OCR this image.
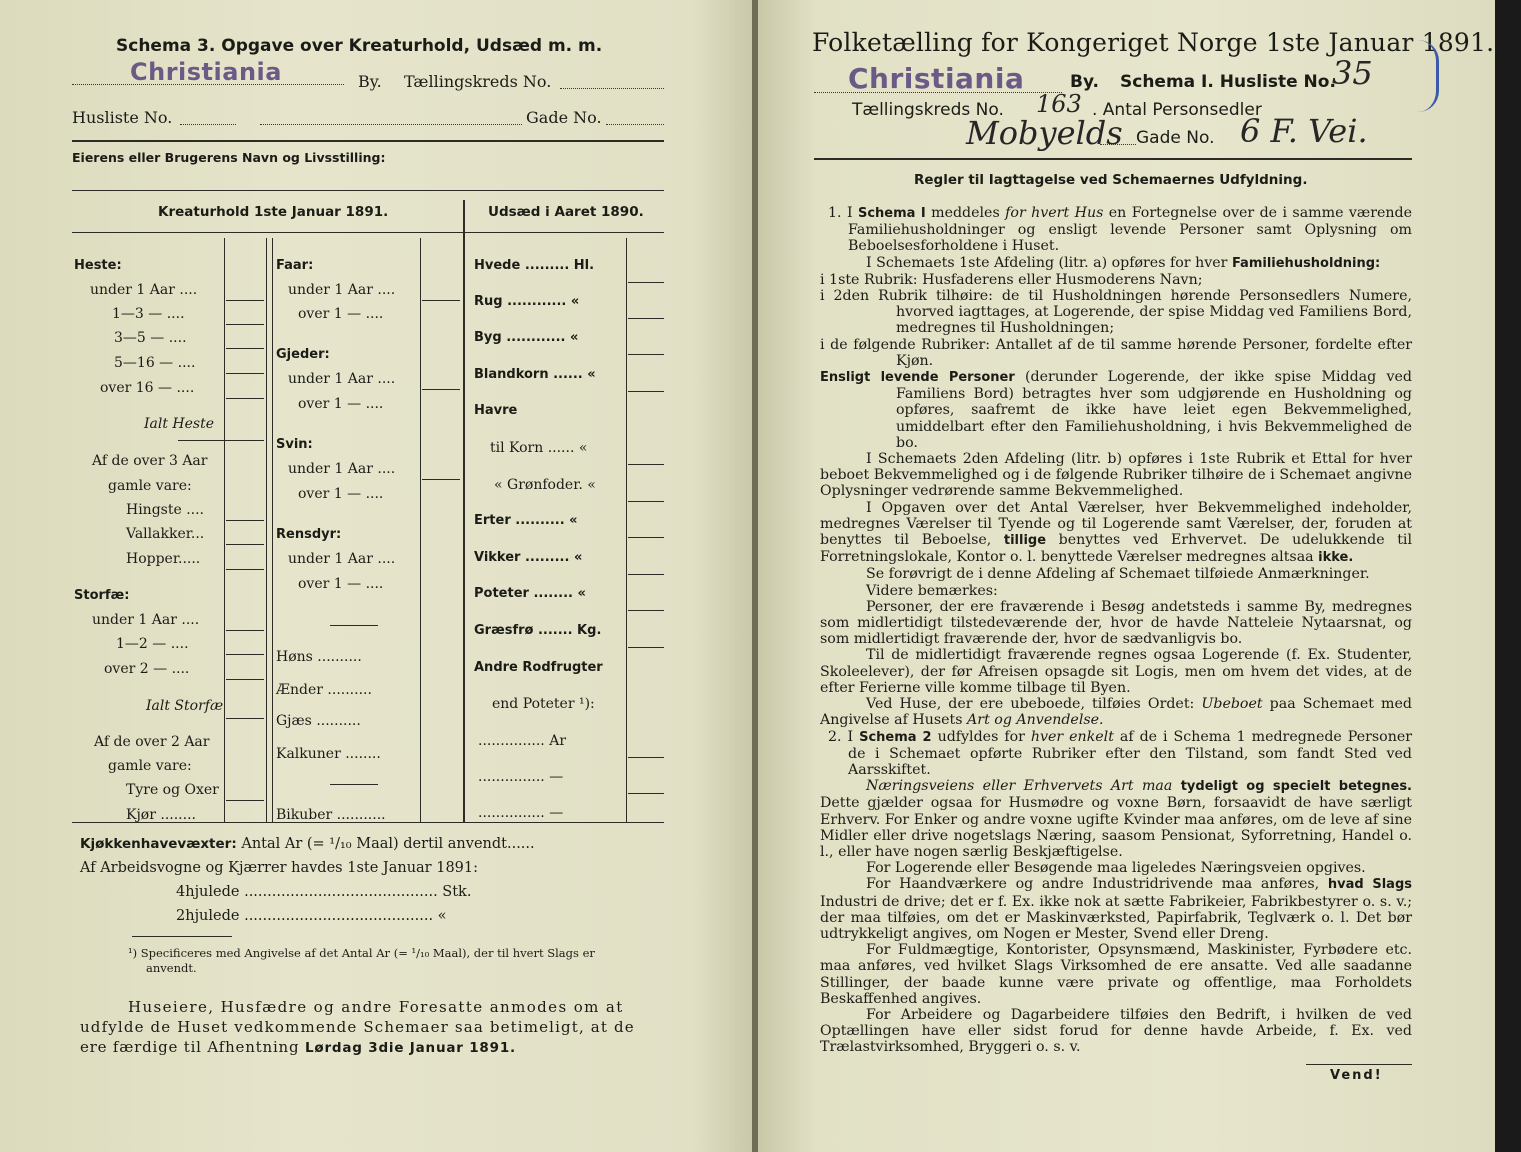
Schema 3. Opgave over Kreaturhold, Udsæd m. m.
Christiania	By. Tællingskreds No.
Husliste No.	Gade No.
Eierens eller Brugerens Navn og Livsstilling:
Kreaturhold 1ste Januar 1891.	Udsæd i Aaret 1890.
Heste:
under 1 Aar ....
1—3 — ....
3—5 — ....
5—16 — ....
over 16 — ....
Ialt Heste
Af de over 3 Aar
gamle vare:
Hingste ....
Vallakker...
Hopper.....
Storfæ:
under 1 Aar ....
1—2 — ....
over 2 — ....
Ialt Storfæ
Af de over 2 Aar
gamle vare:
Tyre og Oxer
Kjør ........
Faar:
under 1 Aar ....
over 1 — ....
Gjeder:
under 1 Aar ....
over 1 — ....
Svin:
under 1 Aar ....
over 1 — ....
Rensdyr:
under 1 Aar ....
over 1 — ....
Høns ..........
Ænder ..........
Gjæs ..........
Kalkuner ........
Bikuber ...........
Hvede ......... Hl.
Rug ............ «
Byg ............ «
Blandkorn ...... «
Havre
til Korn ...... «
« Grønfoder. «
Erter .......... «
Vikker ......... «
Poteter ........ «
Græsfrø ....... Kg.
Andre Rodfrugter
end Poteter ¹):
............... Ar
............... —
............... —
Kjøkkenhavevæxter: Antal Ar (= ¹/₁₀ Maal) dertil anvendt......
Af Arbeidsvogne og Kjærrer havdes 1ste Januar 1891:
4hjulede .......................................... Stk.
2hjulede ......................................... «
¹) Specificeres med Angivelse af det Antal Ar (= ¹/₁₀ Maal), der til hvert Slags er
anvendt.
Huseiere, Husfædre og andre Foresatte anmodes om at
udfylde de Huset vedkommende Schemaer saa betimeligt, at de
ere færdige til Afhentning Lørdag 3die Januar 1891.
Folketælling for Kongeriget Norge 1ste Januar 1891.
Christiania	By. Schema I. Husliste No.
35
Tællingskreds No. 163 . Antal Personsedler
Mobyelds Gade No. 6 F. Vei.
Regler til Iagttagelse ved Schemaernes Udfyldning.

1. I Schema I meddeles for hvert Hus en Fortegnelse over de i samme værende Familiehusholdninger og ensligt levende Personer samt Oplysning om Beboelsesforholdene i Huset.

I Schemaets 1ste Afdeling (litr. a) opføres for hver Familiehusholdning:

i 1ste Rubrik: Husfaderens eller Husmoderens Navn;

i 2den Rubrik tilhøire: de til Husholdningen hørende Personsedlers Numere, hvorved iagttages, at Logerende, der spise Middag ved Familiens Bord, medregnes til Husholdningen;

i de følgende Rubriker: Antallet af de til samme hørende Personer, fordelte efter Kjøn.

Ensligt levende Personer (derunder Logerende, der ikke spise Middag ved Familiens Bord) betragtes hver som udgjørende en Husholdning og opføres, saafremt de ikke have leiet egen Bekvemmelighed, umiddelbart efter den Familiehusholdning, i hvis Bekvemmelighed de bo.

I Schemaets 2den Afdeling (litr. b) opføres i 1ste Rubrik et Ettal for hver beboet Bekvemmelighed og i de følgende Rubriker tilhøire de i Schemaet angivne Oplysninger vedrørende samme Bekvemmelighed.

I Opgaven over det Antal Værelser, hver Bekvemmelighed indeholder, medregnes Værelser til Tyende og til Logerende samt Værelser, der, foruden at benyttes til Beboelse, tillige benyttes ved Erhvervet. De udelukkende til Forretningslokale, Kontor o. l. benyttede Værelser medregnes altsaa ikke.

Se forøvrigt de i denne Afdeling af Schemaet tilføiede Anmærkninger.

Videre bemærkes:

Personer, der ere fraværende i Besøg andetsteds i samme By, medregnes som midlertidigt tilstedeværende der, hvor de havde Natteleie Nytaarsnat, og som midlertidigt fraværende der, hvor de sædvanligvis bo.

Til de midlertidigt fraværende regnes ogsaa Logerende (f. Ex. Studenter, Skoleelever), der før Afreisen opsagde sit Logis, men om hvem det vides, at de efter Ferierne ville komme tilbage til Byen.

Ved Huse, der ere ubeboede, tilføies Ordet: Ubeboet paa Schemaet med Angivelse af Husets Art og Anvendelse.

2. I Schema 2 udfyldes for hver enkelt af de i Schema 1 medregnede Personer de i Schemaet opførte Rubriker efter den Tilstand, som fandt Sted ved Aarsskiftet.

Næringsveiens eller Erhvervets Art maa tydeligt og specielt betegnes. Dette gjælder ogsaa for Husmødre og voxne Børn, forsaavidt de have særligt Erhverv. For Enker og andre voxne ugifte Kvinder maa anføres, om de leve af sine Midler eller drive nogetslags Næring, saasom Pensionat, Syforretning, Handel o. l., eller have nogen særlig Beskjæftigelse.

For Logerende eller Besøgende maa ligeledes Næringsveien opgives.

For Haandværkere og andre Industridrivende maa anføres, hvad Slags Industri de drive; det er f. Ex. ikke nok at sætte Fabrikeier, Fabrikbestyrer o. s. v.; der maa tilføies, om det er Maskinværksted, Papirfabrik, Teglværk o. l. Det bør udtrykkeligt angives, om Nogen er Mester, Svend eller Dreng.

For Fuldmægtige, Kontorister, Opsynsmænd, Maskinister, Fyrbødere etc. maa anføres, ved hvilket Slags Virksomhed de ere ansatte. Ved alle saadanne Stillinger, der baade kunne være private og offentlige, maa Forholdets Beskaffenhed angives.

For Arbeidere og Dagarbeidere tilføies den Bedrift, i hvilken de ved Optællingen have eller sidst forud for denne havde Arbeide, f. Ex. ved Trælastvirksomhed, Bryggeri o. s. v.

Vend!
